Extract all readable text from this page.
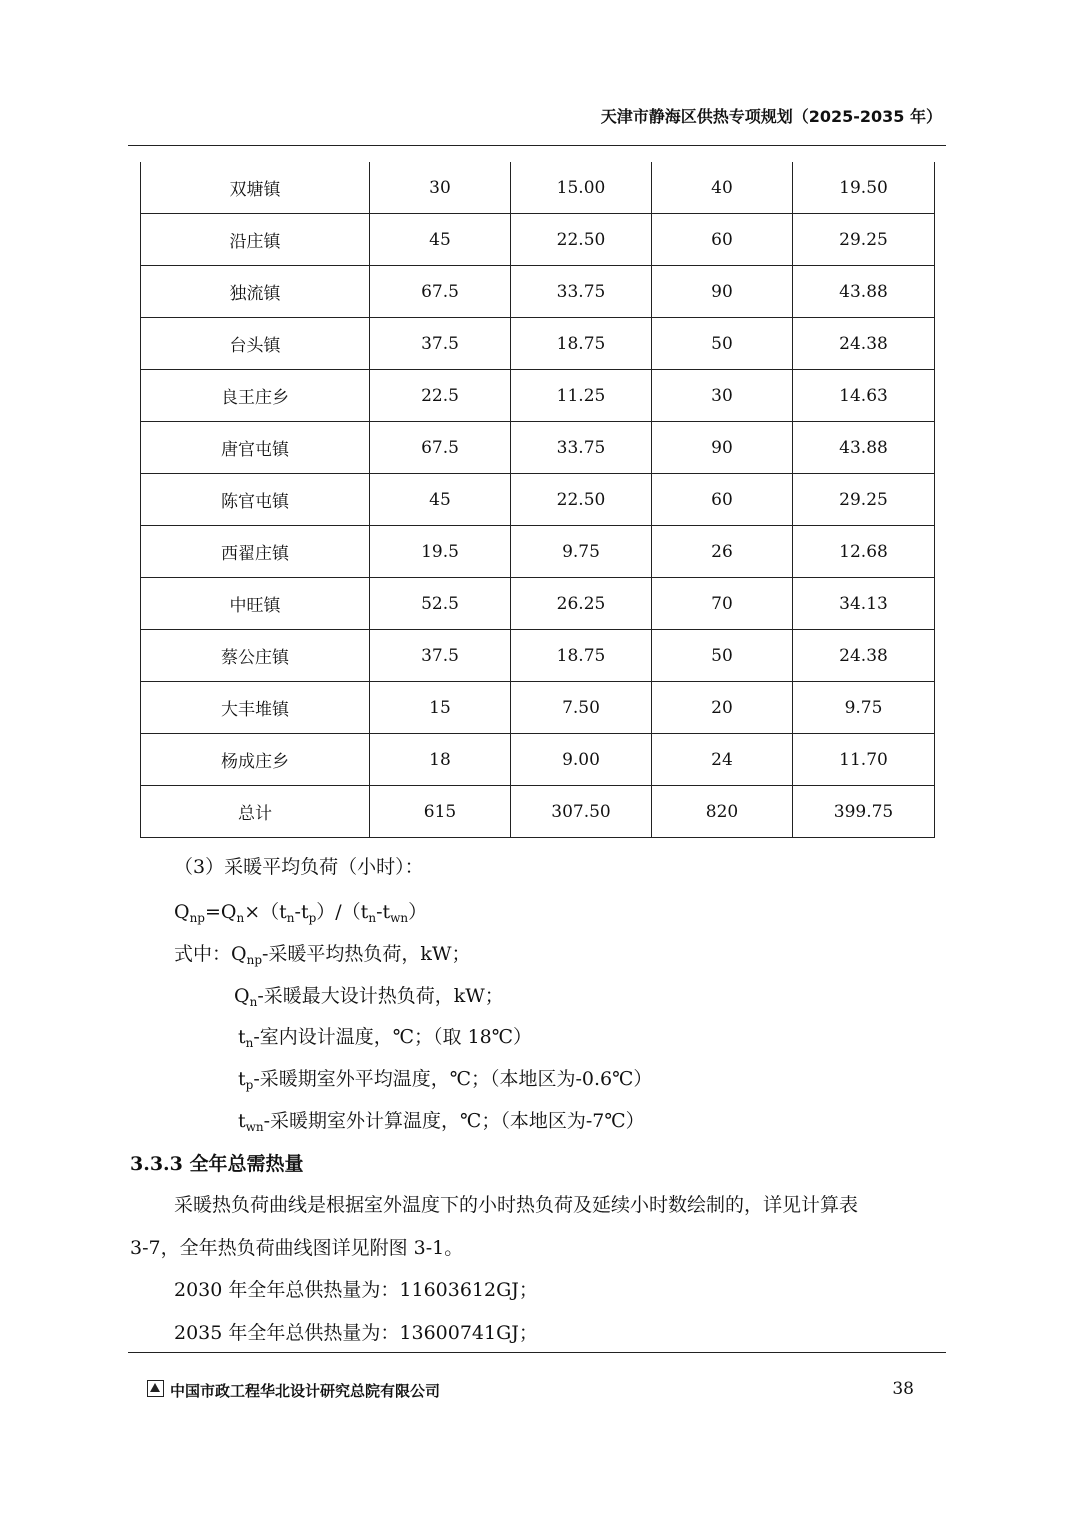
天津市静海区供热专项规划（2025-2035 年）
双塘镇	30	15.00	40	19.50
沿庄镇	45	22.50	60	29.25
独流镇	67.5	33.75	90	43.88
台头镇	37.5	18.75	50	24.38
良王庄乡	22.5	11.25	30	14.63
唐官屯镇	67.5	33.75	90	43.88
陈官屯镇	45	22.50	60	29.25
西翟庄镇	19.5	9.75	26	12.68
中旺镇	52.5	26.25	70	34.13
蔡公庄镇	37.5	18.75	50	24.38
大丰堆镇	15	7.50	20	9.75
杨成庄乡	18	9.00	24	11.70
总计	615	307.50	820	399.75
（3）采暖平均负荷（小时）：
$Q_{np}=Q_n\times(t_n-t_p)/(t_n-t_{wn})$
式中：$Q_{np}-$采暖平均热负荷，kW；
$Q_n-$采暖最大设计热负荷，kW；
$t_n-$室内设计温度，℃；（取 18℃）
$t_p-$采暖期室外平均温度，℃；（本地区为-0.6℃）
$t_{wn}-$采暖期室外计算温度，℃；（本地区为-7℃）
3.3.3 全年总需热量
采暖热负荷曲线是根据室外温度下的小时热负荷及延续小时数绘制的，详见计算表
3-7，全年热负荷曲线图详见附图 3-1。
2030 年全年总供热量为：11603612GJ；
2035 年全年总供热量为：13600741GJ；
中国市政工程华北设计研究总院有限公司	38
